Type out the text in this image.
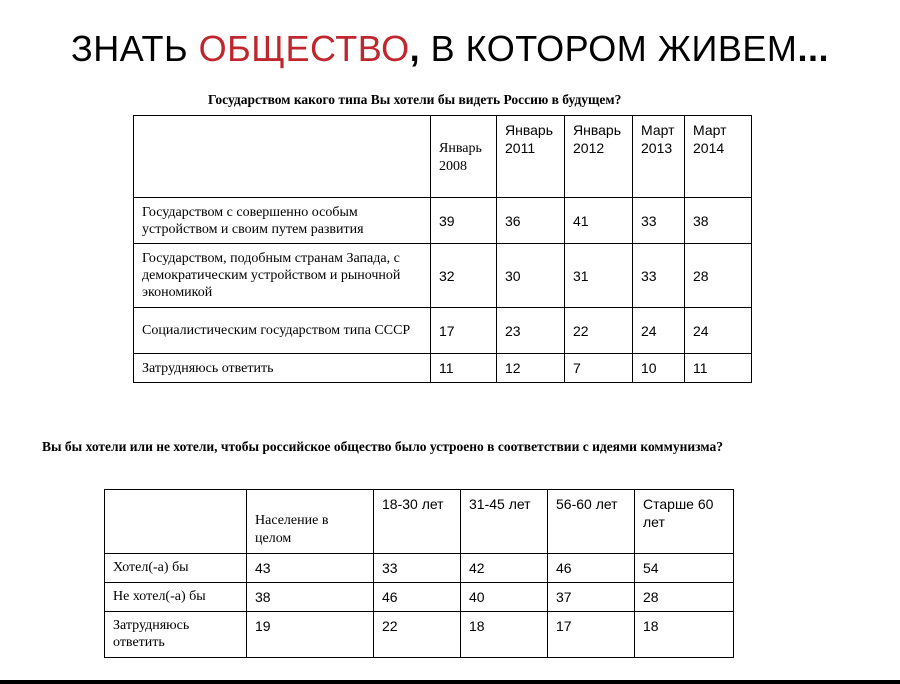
ЗНАТЬ ОБЩЕСТВО, В КОТОРОМ ЖИВЕМ...
Государством какого типа Вы хотели бы видеть Россию в будущем?
	Январь 2008	Январь 2011	Январь 2012	Март 2013	Март 2014
Государством с совершенно особым устройством и своим путем развития	39	36	41	33	38
Государством, подобным странам Запада, с демократическим устройством и рыночной экономикой	32	30	31	33	28
Социалистическим государством типа СССР	17	23	22	24	24
Затрудняюсь ответить	11	12	7	10	11
Вы бы хотели или не хотели, чтобы российское общество было устроено в соответствии с идеями коммунизма?
	Население в целом	18-30 лет	31-45 лет	56-60 лет	Старше 60 лет
Хотел(-а) бы	43	33	42	46	54
Не хотел(-а) бы	38	46	40	37	28
Затрудняюсь ответить	19	22	18	17	18
